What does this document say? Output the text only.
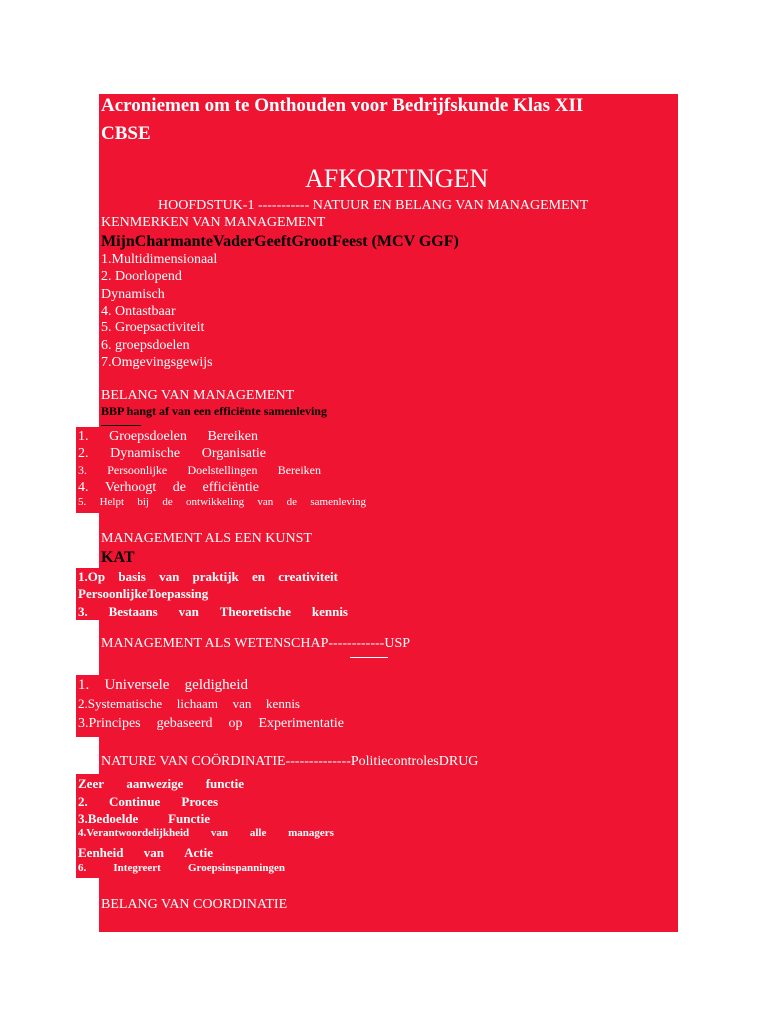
Acroniemen om te Onthouden voor Bedrijfskunde Klas XII
CBSE
AFKORTINGEN
HOOFDSTUK-1 ----------- NATUUR EN BELANG VAN MANAGEMENT
KENMERKEN VAN MANAGEMENT
MijnCharmanteVaderGeeftGrootFeest (MCV GGF)
1.Multidimensionaal
2. Doorlopend
Dynamisch
4. Ontastbaar
5. Groepsactiviteit
6. groepsdoelen
7.Omgevingsgewijs
BELANG VAN MANAGEMENT
BBP hangt af van een efficiënte samenleving
1. Groepsdoelen Bereiken
2. Dynamische Organisatie
3. Persoonlijke Doelstellingen Bereiken
4. Verhoogt de efficiëntie
5. Helpt bij de ontwikkeling van de samenleving
MANAGEMENT ALS EEN KUNST
KAT
1.Op basis van praktijk en creativiteit
PersoonlijkeToepassing
3. Bestaans van Theoretische kennis
MANAGEMENT ALS WETENSCHAP------------USP
1. Universele geldigheid
2.Systematische lichaam van kennis
3.Principes gebaseerd op Experimentatie
NATURE VAN COÖRDINATIE--------------PolitiecontrolesDRUG
Zeer aanwezige functie
2. Continue Proces
3.Bedoelde Functie
4.Verantwoordelijkheid van alle managers
Eenheid van Actie
6. Integreert Groepsinspanningen
BELANG VAN COORDINATIE
